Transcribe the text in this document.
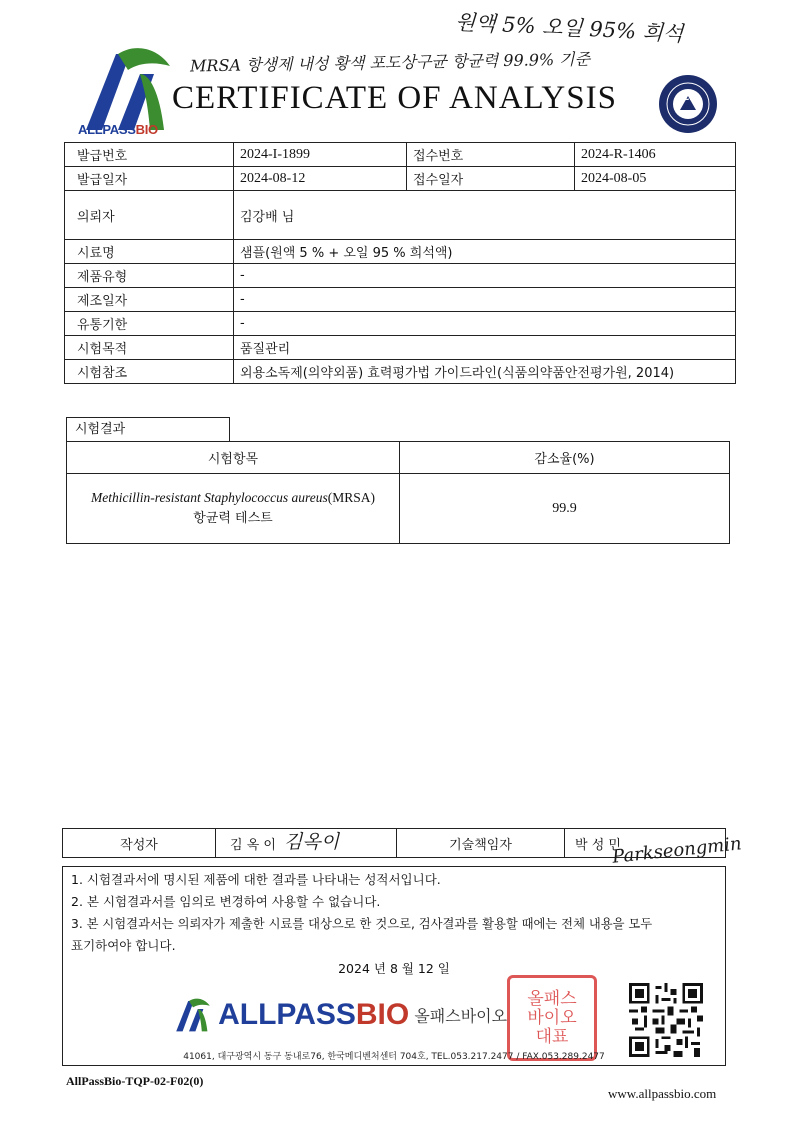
원액 5% 오일 95% 희석
MRSA 항생제 내성 황색 포도상구균 항균력 99.9% 기준
ALLPASSBIO
CERTIFICATE OF ANALYSIS	ICR
발급번호	2024-I-1899	접수번호	2024-R-1406
발급일자	2024-08-12	접수일자	2024-08-05
의뢰자	김강배 님		
시료명	샘플(원액 5 % + 오일 95 % 희석액)		
제품유형	-		
제조일자	-		
유통기한	-		
시험목적	품질관리		
시험참조	외용소독제(의약외품) 효력평가법 가이드라인(식품의약품안전평가원, 2014)		
시험결과
시험항목	감소율(%)
Methicillin-resistant Staphylococcus aureus(MRSA)
항균력 테스트	99.9
작성자	김 옥 이 김옥이	기술책임자	박 성 민
Parkseongmin
1. 시험결과서에 명시된 제품에 대한 결과를 나타내는 성적서입니다.
2. 본 시험결과서를 임의로 변경하여 사용할 수 없습니다.
3. 본 시험결과서는 의뢰자가 제출한 시료를 대상으로 한 것으로, 검사결과를 활용할 때에는 전체 내용을 모두
표기하여야 합니다.
2024 년 8 월 12 일
ALLPASSBIO 올패스바이오
올패스바이오대표
41061, 대구광역시 동구 동내로76, 한국메디벤처센터 704호, TEL.053.217.2477 / FAX.053.289.2477
AllPassBio-TQP-02-F02(0)
www.allpassbio.com
